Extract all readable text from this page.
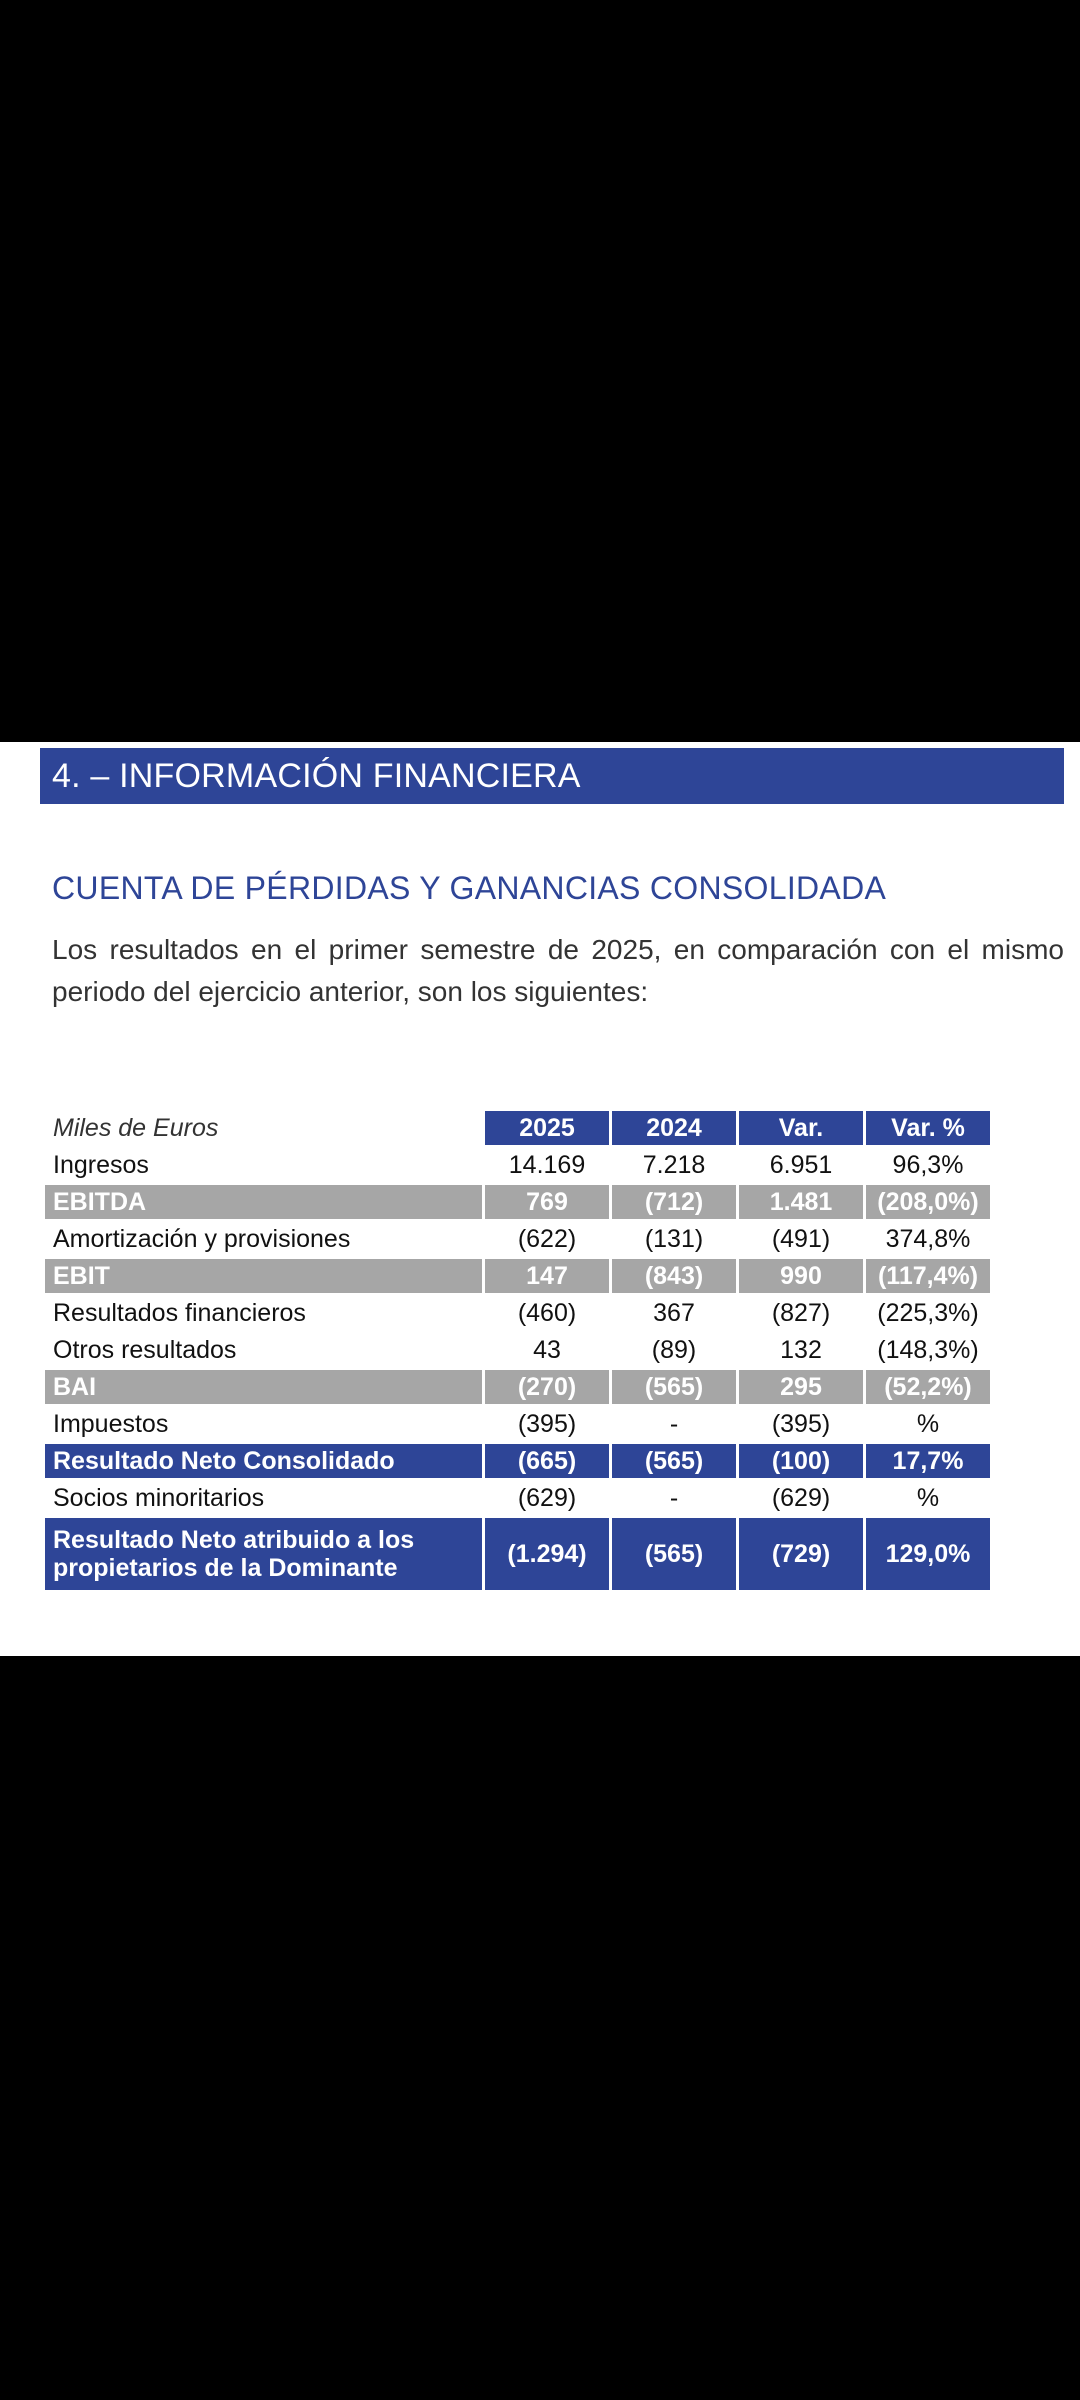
4. – INFORMACIÓN FINANCIERA
CUENTA DE PÉRDIDAS Y GANANCIAS CONSOLIDADA
Los resultados en el primer semestre de 2025, en comparación con el mismo periodo del ejercicio anterior, son los siguientes:
Miles de Euros	2025	2024	Var.	Var. %
Ingresos	14.169	7.218	6.951	96,3%
EBITDA	769	(712)	1.481	(208,0%)
Amortización y provisiones	(622)	(131)	(491)	374,8%
EBIT	147	(843)	990	(117,4%)
Resultados financieros	(460)	367	(827)	(225,3%)
Otros resultados	43	(89)	132	(148,3%)
BAI	(270)	(565)	295	(52,2%)
Impuestos	(395)	-	(395)	%
Resultado Neto Consolidado	(665)	(565)	(100)	17,7%
Socios minoritarios	(629)	-	(629)	%
Resultado Neto atribuido a los
propietarios de la Dominante	(1.294)	(565)	(729)	129,0%
